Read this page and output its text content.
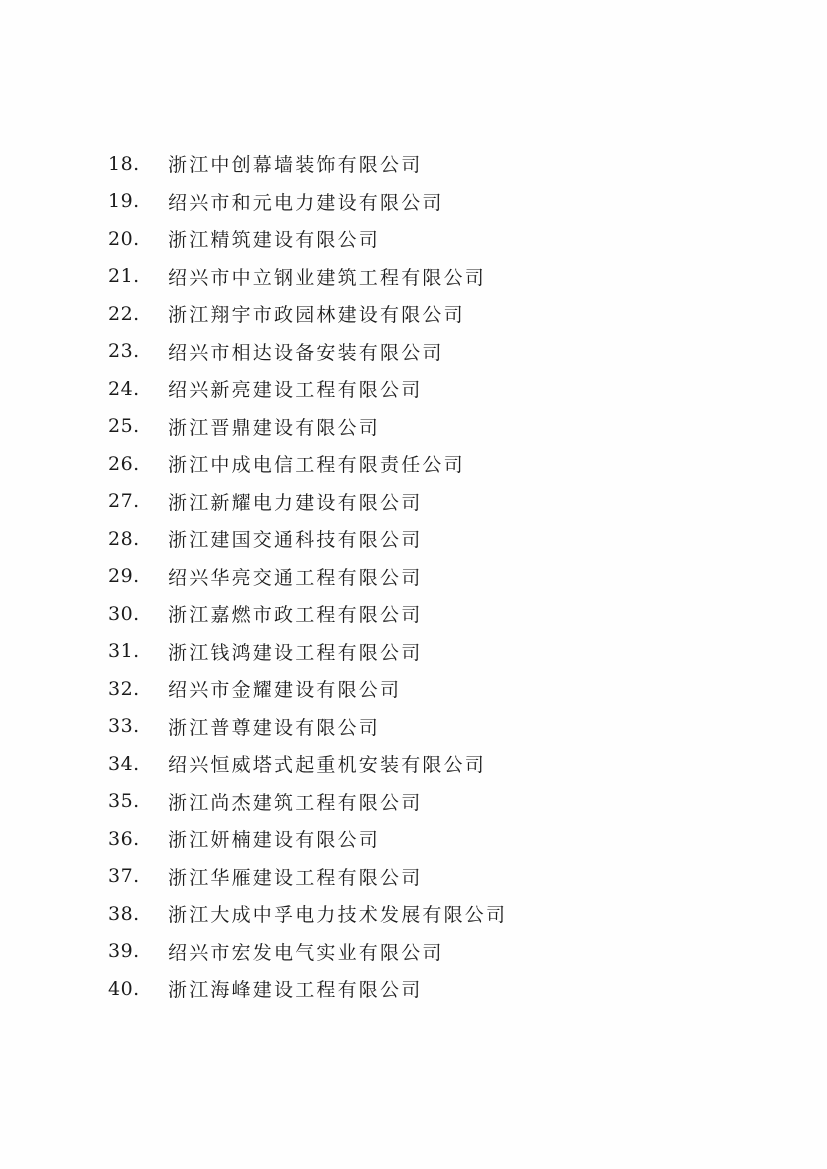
18.	浙江中创幕墙装饰有限公司
19.	绍兴市和元电力建设有限公司
20.	浙江精筑建设有限公司
21.	绍兴市中立钢业建筑工程有限公司
22.	浙江翔宇市政园林建设有限公司
23.	绍兴市相达设备安装有限公司
24.	绍兴新亮建设工程有限公司
25.	浙江晋鼎建设有限公司
26.	浙江中成电信工程有限责任公司
27.	浙江新耀电力建设有限公司
28.	浙江建国交通科技有限公司
29.	绍兴华亮交通工程有限公司
30.	浙江嘉燃市政工程有限公司
31.	浙江钱鸿建设工程有限公司
32.	绍兴市金耀建设有限公司
33.	浙江普尊建设有限公司
34.	绍兴恒威塔式起重机安装有限公司
35.	浙江尚杰建筑工程有限公司
36.	浙江妍楠建设有限公司
37.	浙江华雁建设工程有限公司
38.	浙江大成中孚电力技术发展有限公司
39.	绍兴市宏发电气实业有限公司
40.	浙江海峰建设工程有限公司
